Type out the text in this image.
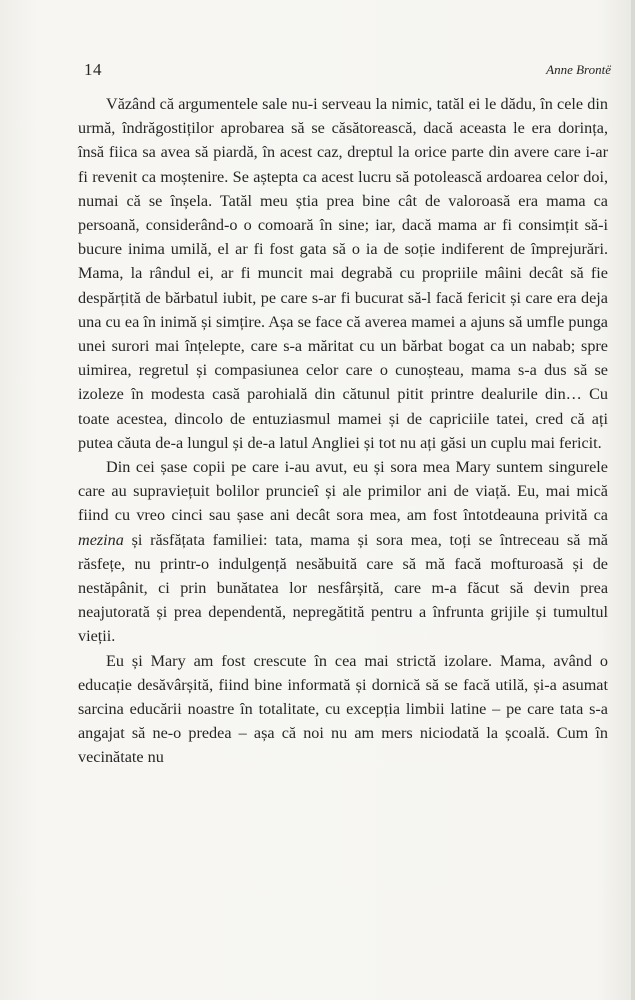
14	Anne Brontë

Văzând că argumentele sale nu-i serveau la nimic, tatăl ei le dădu, în cele din urmă, îndrăgostiților aprobarea să se căsătorească, dacă aceasta le era dorința, însă fiica sa avea să piardă, în acest caz, dreptul la orice parte din avere care i-ar fi revenit ca moștenire. Se aștepta ca acest lucru să potolească ardoarea celor doi, numai că se înșela. Tatăl meu știa prea bine cât de valoroasă era mama ca persoană, considerând-o o comoară în sine; iar, dacă mama ar fi consimțit să-i bucure inima umilă, el ar fi fost gata să o ia de soție indiferent de împrejurări. Mama, la rândul ei, ar fi muncit mai degrabă cu propriile mâini decât să fie despărțită de bărbatul iubit, pe care s-ar fi bucurat să-l facă fericit și care era deja una cu ea în inimă și simțire. Așa se face că averea mamei a ajuns să umfle punga unei surori mai înțelepte, care s-a măritat cu un bărbat bogat ca un nabab; spre uimirea, regretul și compasiunea celor care o cunoșteau, mama s-a dus să se izoleze în modesta casă parohială din cătunul pitit printre dealurile din… Cu toate acestea, dincolo de entuziasmul mamei și de capriciile tatei, cred că ați putea căuta de-a lungul și de-a latul Angliei și tot nu ați găsi un cuplu mai fericit.

Din cei șase copii pe care i-au avut, eu și sora mea Mary suntem singurele care au supraviețuit bolilor pruncieî și ale primilor ani de viață. Eu, mai mică fiind cu vreo cinci sau șase ani decât sora mea, am fost întotdeauna privită ca mezina și răsfățata familiei: tata, mama și sora mea, toți se întreceau să mă răsfețe, nu printr-o indulgență nesăbuită care să mă facă mofturoasă și de nestăpânit, ci prin bunătatea lor nesfârșită, care m-a făcut să devin prea neajutorată și prea dependentă, nepregătită pentru a înfrunta grijile și tumultul vieții.

Eu și Mary am fost crescute în cea mai strictă izolare. Mama, având o educație desăvârșită, fiind bine informată și dornică să se facă utilă, și-a asumat sarcina educării noastre în totalitate, cu excepția limbii latine – pe care tata s-a angajat să ne-o predea – așa că noi nu am mers niciodată la școală. Cum în vecinătate nu
